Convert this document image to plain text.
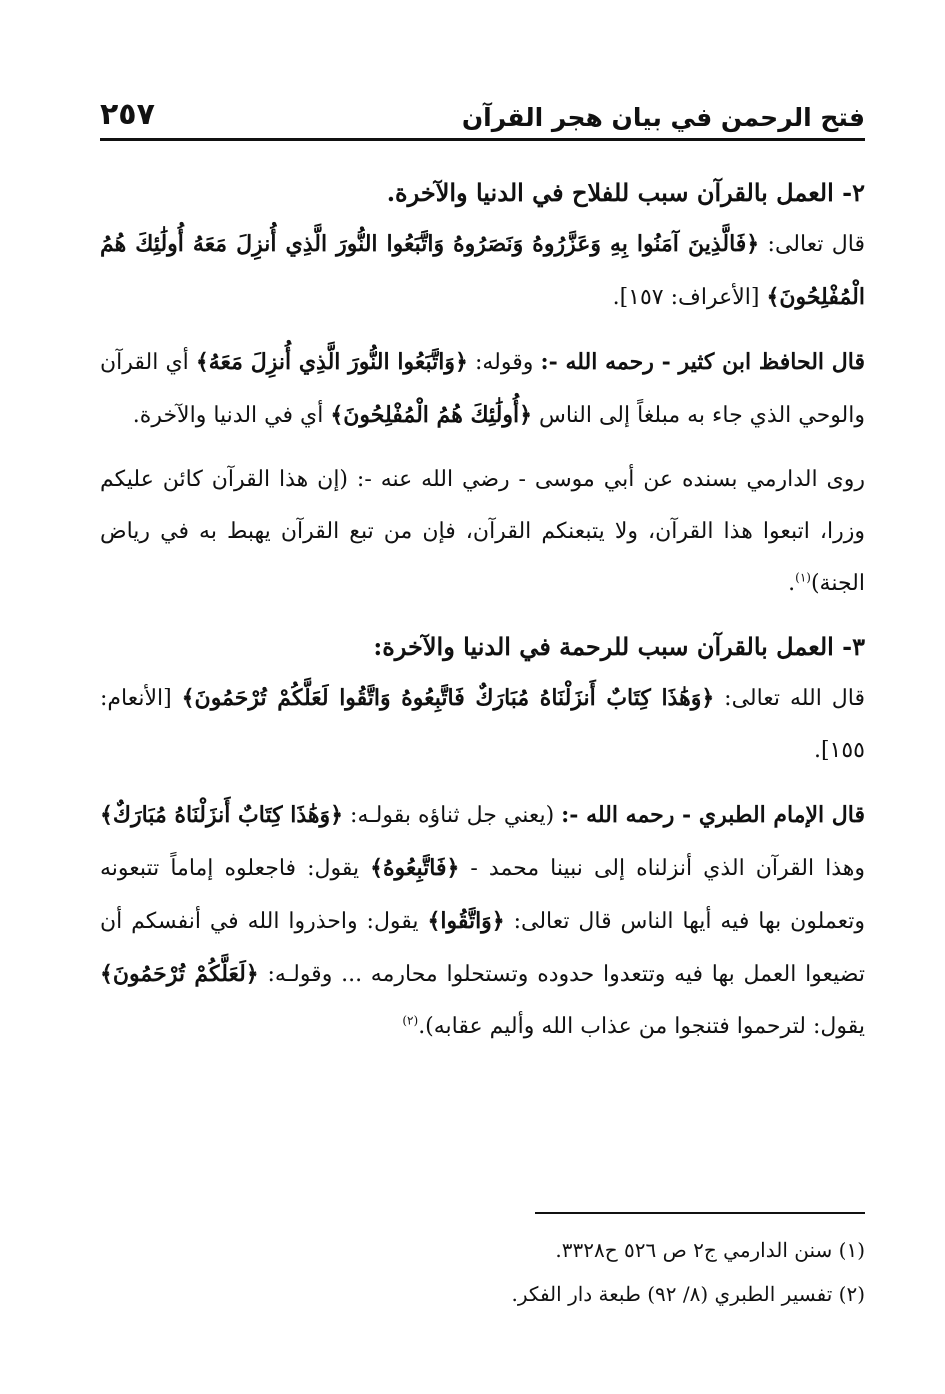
فتح الرحمن في بيان هجر القرآن
٢٥٧

٢- العمل بالقرآن سبب للفلاح في الدنيا والآخرة.

قال تعالى: ﴿فَالَّذِينَ آمَنُوا بِهِ وَعَزَّرُوهُ وَنَصَرُوهُ وَاتَّبَعُوا النُّورَ الَّذِي أُنزِلَ مَعَهُ أُولَٰئِكَ هُمُ الْمُفْلِحُونَ﴾ [الأعراف: ١٥٧].

قال الحافظ ابن كثير - رحمه الله -: وقوله: ﴿وَاتَّبَعُوا النُّورَ الَّذِي أُنزِلَ مَعَهُ﴾ أي القرآن والوحي الذي جاء به مبلغاً إلى الناس ﴿أُولَٰئِكَ هُمُ الْمُفْلِحُونَ﴾ أي في الدنيا والآخرة.

روى الدارمي بسنده عن أبي موسى - رضي الله عنه -: (إن هذا القرآن كائن عليكم وزرا، اتبعوا هذا القرآن، ولا يتبعنكم القرآن، فإن من تبع القرآن يهبط به في رياض الجنة)$^{(١)}$.

٣- العمل بالقرآن سبب للرحمة في الدنيا والآخرة:

قال الله تعالى: ﴿وَهَٰذَا كِتَابٌ أَنزَلْنَاهُ مُبَارَكٌ فَاتَّبِعُوهُ وَاتَّقُوا لَعَلَّكُمْ تُرْحَمُونَ﴾ [الأنعام: ١٥٥].

قال الإمام الطبري - رحمه الله -: (يعني جل ثناؤه بقولـه: ﴿وَهَٰذَا كِتَابٌ أَنزَلْنَاهُ مُبَارَكٌ﴾ وهذا القرآن الذي أنزلناه إلى نبينا محمد - ﴿فَاتَّبِعُوهُ﴾ يقول: فاجعلوه إماماً تتبعونه وتعملون بها فيه أيها الناس قال تعالى: ﴿وَاتَّقُوا﴾ يقول: واحذروا الله في أنفسكم أن تضيعوا العمل بها فيه وتتعدوا حدوده وتستحلوا محارمه ... وقولـه: ﴿لَعَلَّكُمْ تُرْحَمُونَ﴾ يقول: لترحموا فتنجوا من عذاب الله وأليم عقابه).$^{(٢)}$

(١) سنن الدارمي ج٢ ص ٥٢٦ ح٣٣٢٨.

(٢) تفسير الطبري (٨/ ٩٢) طبعة دار الفكر.
